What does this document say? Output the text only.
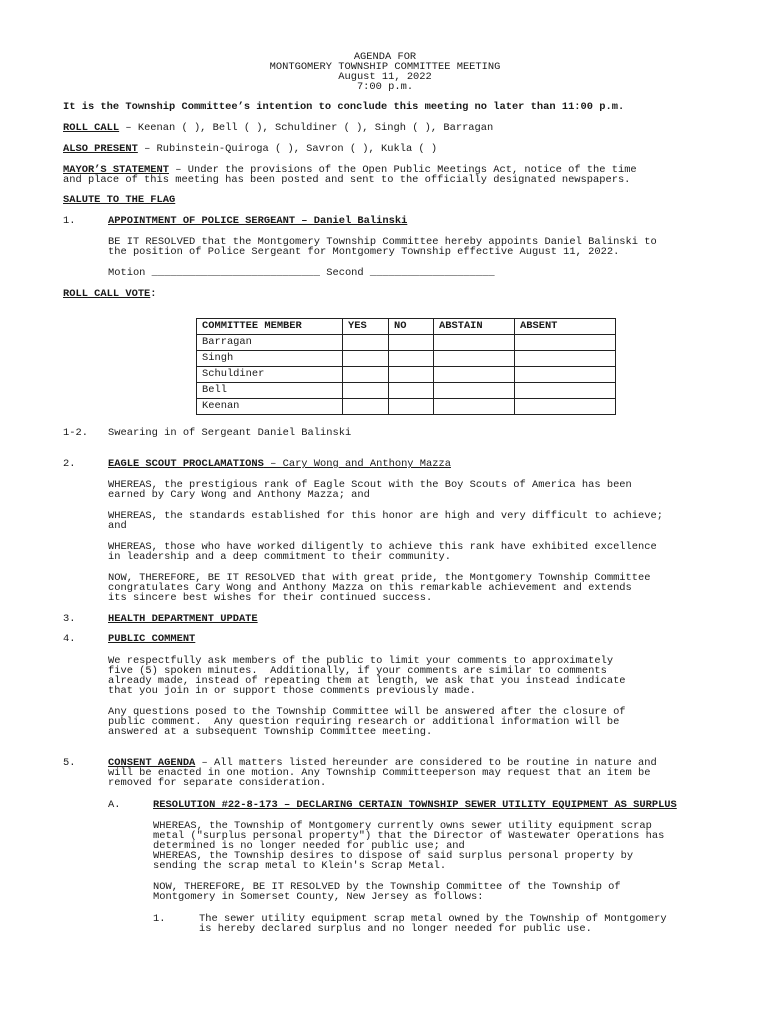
AGENDA FOR
MONTGOMERY TOWNSHIP COMMITTEE MEETING
August 11, 2022
7:00 p.m.
It is the Township Committee’s intention to conclude this meeting no later than 11:00 p.m.
ROLL CALL – Keenan ( ), Bell ( ), Schuldiner ( ), Singh ( ), Barragan
ALSO PRESENT – Rubinstein-Quiroga ( ), Savron ( ), Kukla ( )
MAYOR’S STATEMENT – Under the provisions of the Open Public Meetings Act, notice of the time
and place of this meeting has been posted and sent to the officially designated newspapers.
SALUTE TO THE FLAG
1.	APPOINTMENT OF POLICE SERGEANT – Daniel Balinski
BE IT RESOLVED that the Montgomery Township Committee hereby appoints Daniel Balinski to
the position of Police Sergeant for Montgomery Township effective August 11, 2022.
Motion ___________________________ Second ____________________
ROLL CALL VOTE:
COMMITTEE MEMBER	YES	NO	ABSTAIN	ABSENT
Barragan				
Singh				
Schuldiner				
Bell				
Keenan				
1-2. Swearing in of Sergeant Daniel Balinski
2.	EAGLE SCOUT PROCLAMATIONS – Cary Wong and Anthony Mazza
WHEREAS, the prestigious rank of Eagle Scout with the Boy Scouts of America has been
earned by Cary Wong and Anthony Mazza; and
WHEREAS, the standards established for this honor are high and very difficult to achieve;
and
WHEREAS, those who have worked diligently to achieve this rank have exhibited excellence
in leadership and a deep commitment to their community.
NOW, THEREFORE, BE IT RESOLVED that with great pride, the Montgomery Township Committee
congratulates Cary Wong and Anthony Mazza on this remarkable achievement and extends
its sincere best wishes for their continued success.
3.	HEALTH DEPARTMENT UPDATE
4.	PUBLIC COMMENT
We respectfully ask members of the public to limit your comments to approximately
five (5) spoken minutes.  Additionally, if your comments are similar to comments
already made, instead of repeating them at length, we ask that you instead indicate
that you join in or support those comments previously made.
Any questions posed to the Township Committee will be answered after the closure of
public comment.  Any question requiring research or additional information will be
answered at a subsequent Township Committee meeting.
5.	CONSENT AGENDA – All matters listed hereunder are considered to be routine in nature and
will be enacted in one motion. Any Township Committeeperson may request that an item be
removed for separate consideration.
A.	RESOLUTION #22-8-173 – DECLARING CERTAIN TOWNSHIP SEWER UTILITY EQUIPMENT AS SURPLUS
WHEREAS, the Township of Montgomery currently owns sewer utility equipment scrap
metal ("surplus personal property") that the Director of Wastewater Operations has
determined is no longer needed for public use; and
WHEREAS, the Township desires to dispose of said surplus personal property by
sending the scrap metal to Klein's Scrap Metal.
NOW, THEREFORE, BE IT RESOLVED by the Township Committee of the Township of
Montgomery in Somerset County, New Jersey as follows:
1.	The sewer utility equipment scrap metal owned by the Township of Montgomery
is hereby declared surplus and no longer needed for public use.
